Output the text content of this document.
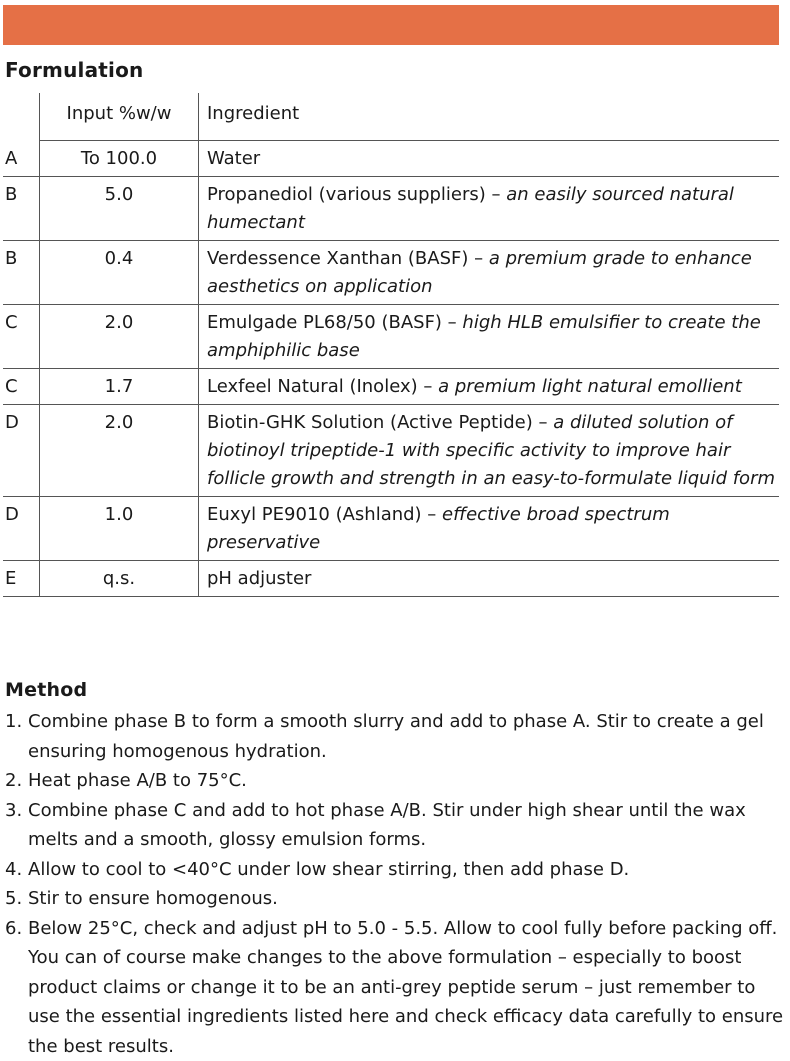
Formulation
	Input %w/w	Ingredient
A	To 100.0	Water
B	5.0	Propanediol (various suppliers) – an easily sourced natural humectant
B	0.4	Verdessence Xanthan (BASF) – a premium grade to enhance aesthetics on application
C	2.0	Emulgade PL68/50 (BASF) – high HLB emulsifier to create the amphiphilic base
C	1.7	Lexfeel Natural (Inolex) – a premium light natural emollient
D	2.0	Biotin-GHK Solution (Active Peptide) – a diluted solution of biotinoyl tripeptide-1 with specific activity to improve hair follicle growth and strength in an easy-to-formulate liquid form
D	1.0	Euxyl PE9010 (Ashland) – effective broad spectrum preservative
E	q.s.	pH adjuster
Method
1. Combine phase B to form a smooth slurry and add to phase A. Stir to create a gel ensuring homogenous hydration.
2. Heat phase A/B to 75°C.
3. Combine phase C and add to hot phase A/B. Stir under high shear until the wax melts and a smooth, glossy emulsion forms.
4. Allow to cool to <40°C under low shear stirring, then add phase D.
5. Stir to ensure homogenous.
6. Below 25°C, check and adjust pH to 5.0 - 5.5. Allow to cool fully before packing off. You can of course make changes to the above formulation – especially to boost product claims or change it to be an anti-grey peptide serum – just remember to use the essential ingredients listed here and check efficacy data carefully to ensure the best results.
